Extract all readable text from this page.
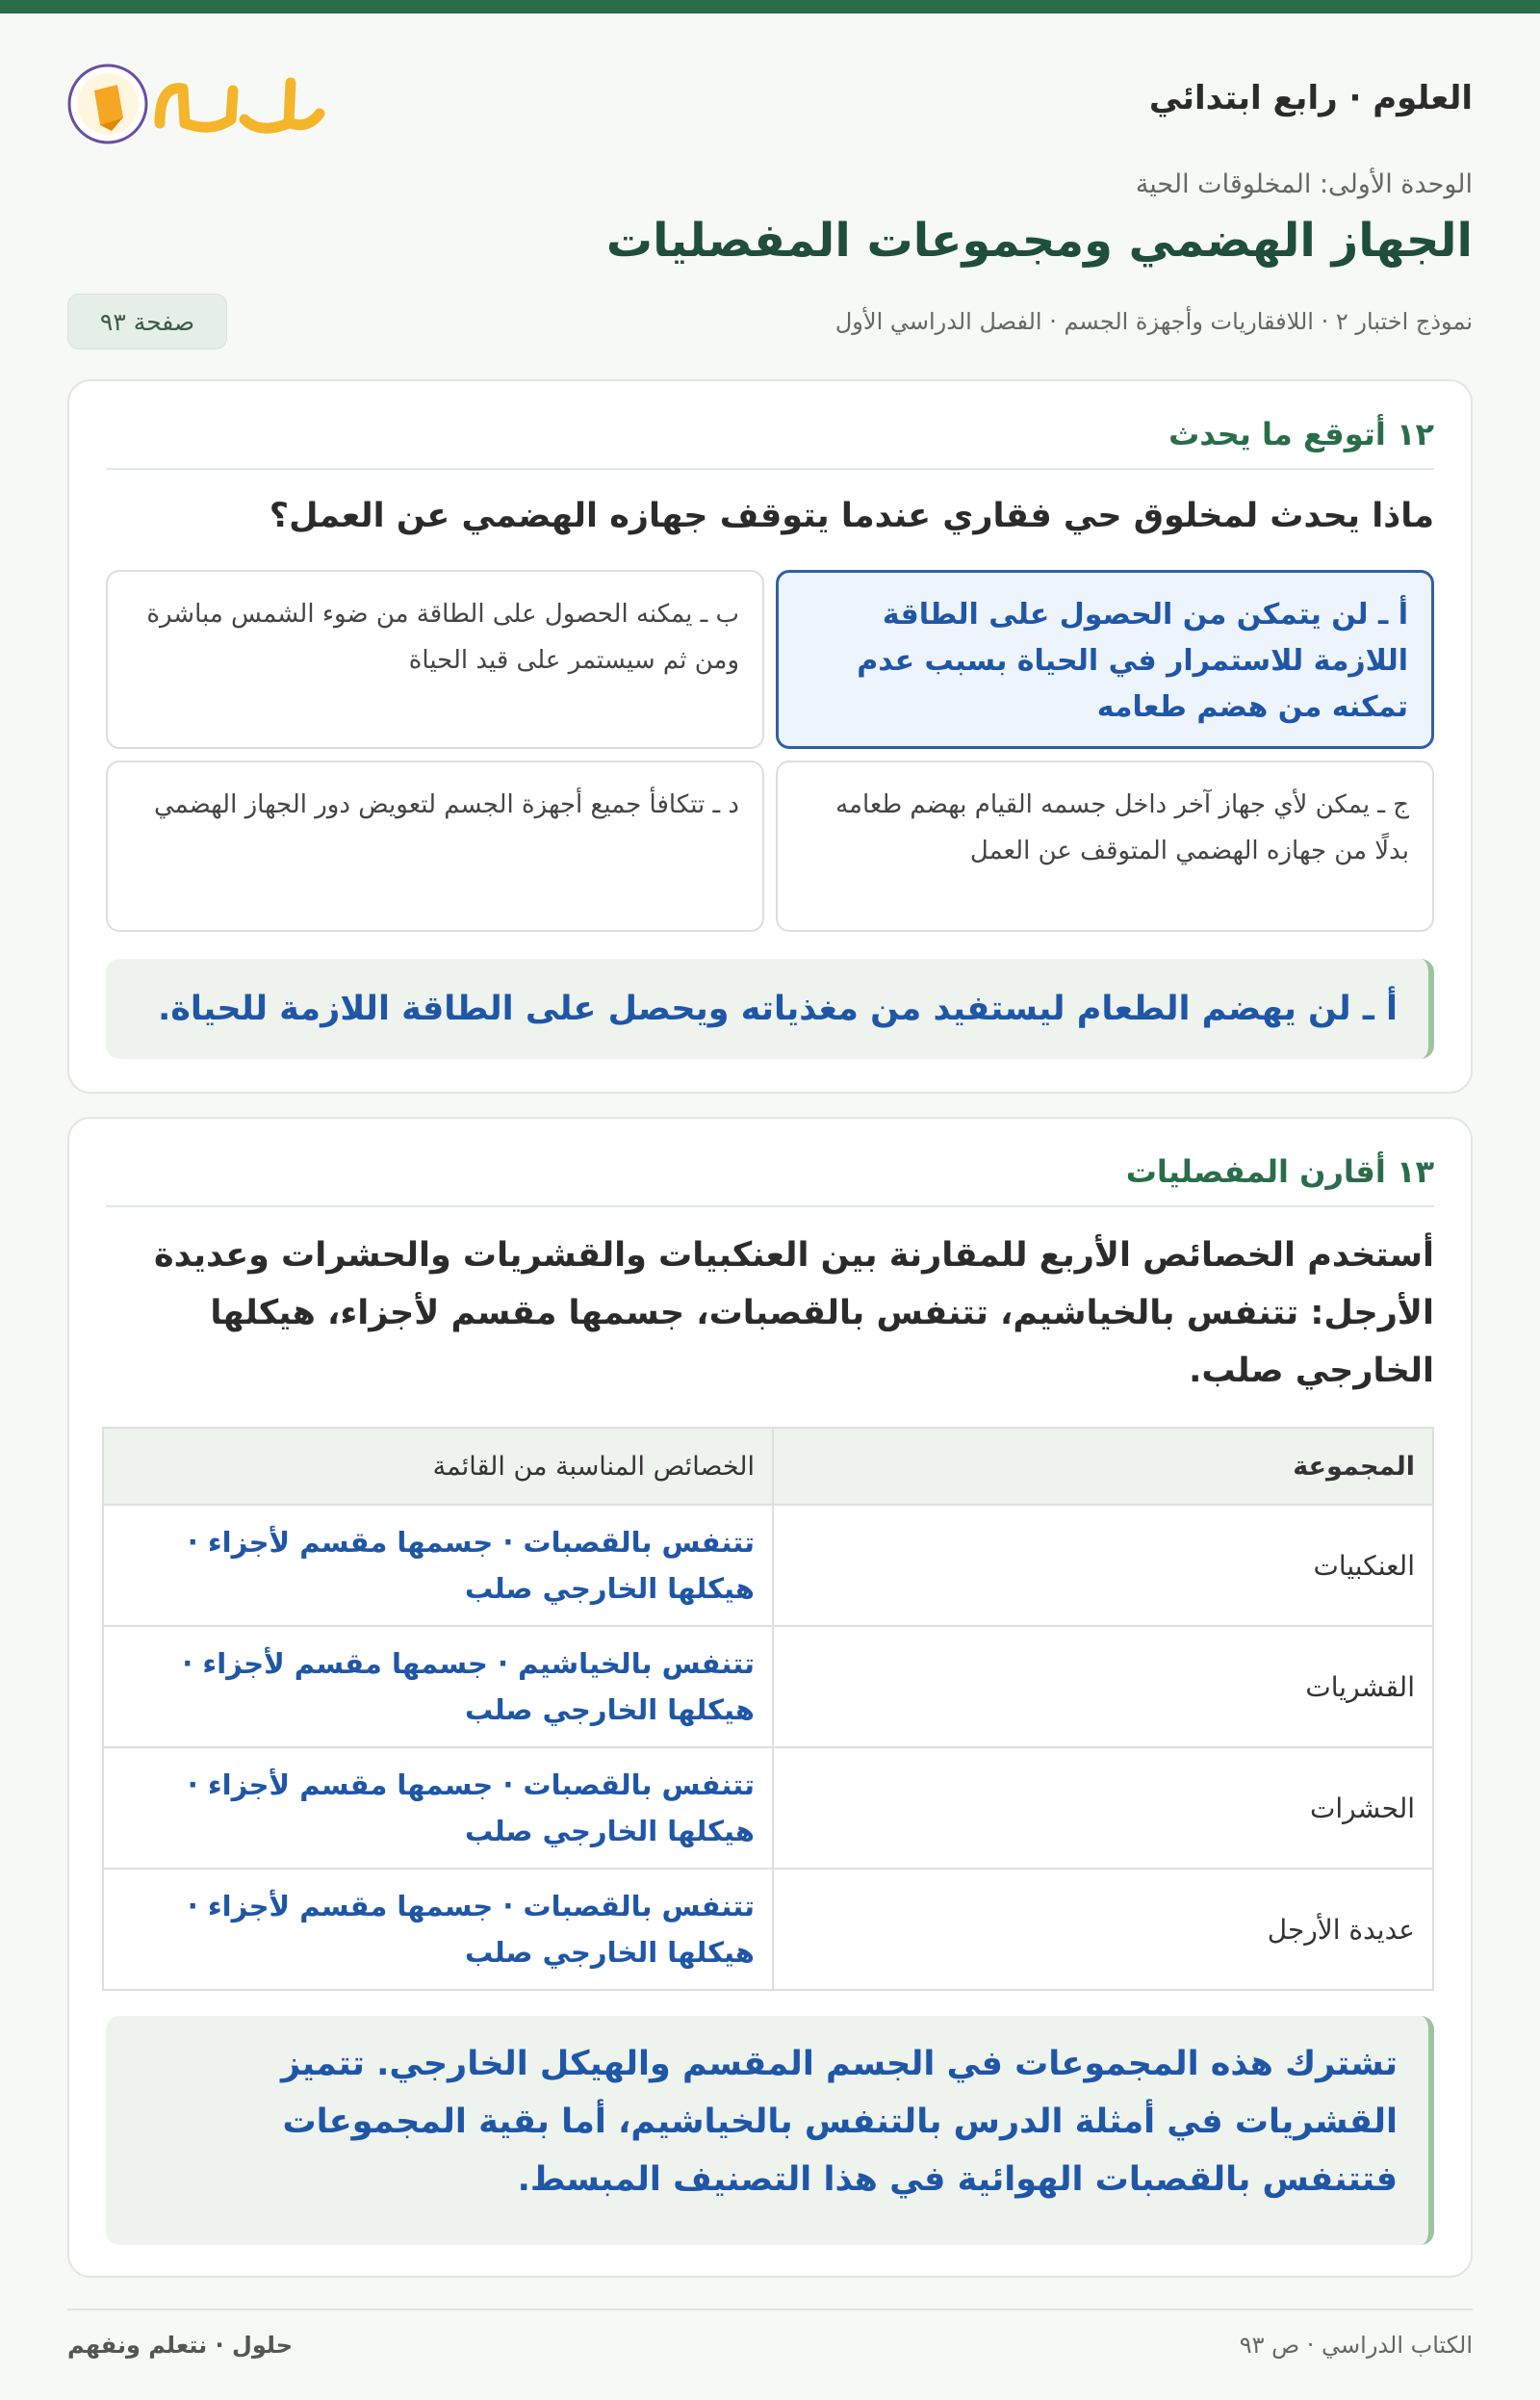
العلوم · رابع ابتدائي
الوحدة الأولى: المخلوقات الحية
الجهاز الهضمي ومجموعات المفصليات
نموذج اختبار ٢ · اللافقاريات وأجهزة الجسم · الفصل الدراسي الأول
صفحة ٩٣
١٢ أتوقع ما يحدث
ماذا يحدث لمخلوق حي فقاري عندما يتوقف جهازه الهضمي عن العمل؟
أ ـ لن يتمكن من الحصول على الطاقة اللازمة للاستمرار في الحياة بسبب عدم تمكنه من هضم طعامه
ب ـ يمكنه الحصول على الطاقة من ضوء الشمس مباشرة ومن ثم سيستمر على قيد الحياة
ج ـ يمكن لأي جهاز آخر داخل جسمه القيام بهضم طعامه بدلًا من جهازه الهضمي المتوقف عن العمل
د ـ تتكافأ جميع أجهزة الجسم لتعويض دور الجهاز الهضمي
أ ـ لن يهضم الطعام ليستفيد من مغذياته ويحصل على الطاقة اللازمة للحياة.
١٣ أقارن المفصليات
أستخدم الخصائص الأربع للمقارنة بين العنكبيات والقشريات والحشرات وعديدة الأرجل: تتنفس بالخياشيم، تتنفس بالقصبات، جسمها مقسم لأجزاء، هيكلها الخارجي صلب.
المجموعة	الخصائص المناسبة من القائمة
العنكبيات	تتنفس بالقصبات · جسمها مقسم لأجزاء · هيكلها الخارجي صلب
القشريات	تتنفس بالخياشيم · جسمها مقسم لأجزاء · هيكلها الخارجي صلب
الحشرات	تتنفس بالقصبات · جسمها مقسم لأجزاء · هيكلها الخارجي صلب
عديدة الأرجل	تتنفس بالقصبات · جسمها مقسم لأجزاء · هيكلها الخارجي صلب
تشترك هذه المجموعات في الجسم المقسم والهيكل الخارجي. تتميز القشريات في أمثلة الدرس بالتنفس بالخياشيم، أما بقية المجموعات فتتنفس بالقصبات الهوائية في هذا التصنيف المبسط.
الكتاب الدراسي · ص ٩٣
حلول · نتعلم ونفهم
